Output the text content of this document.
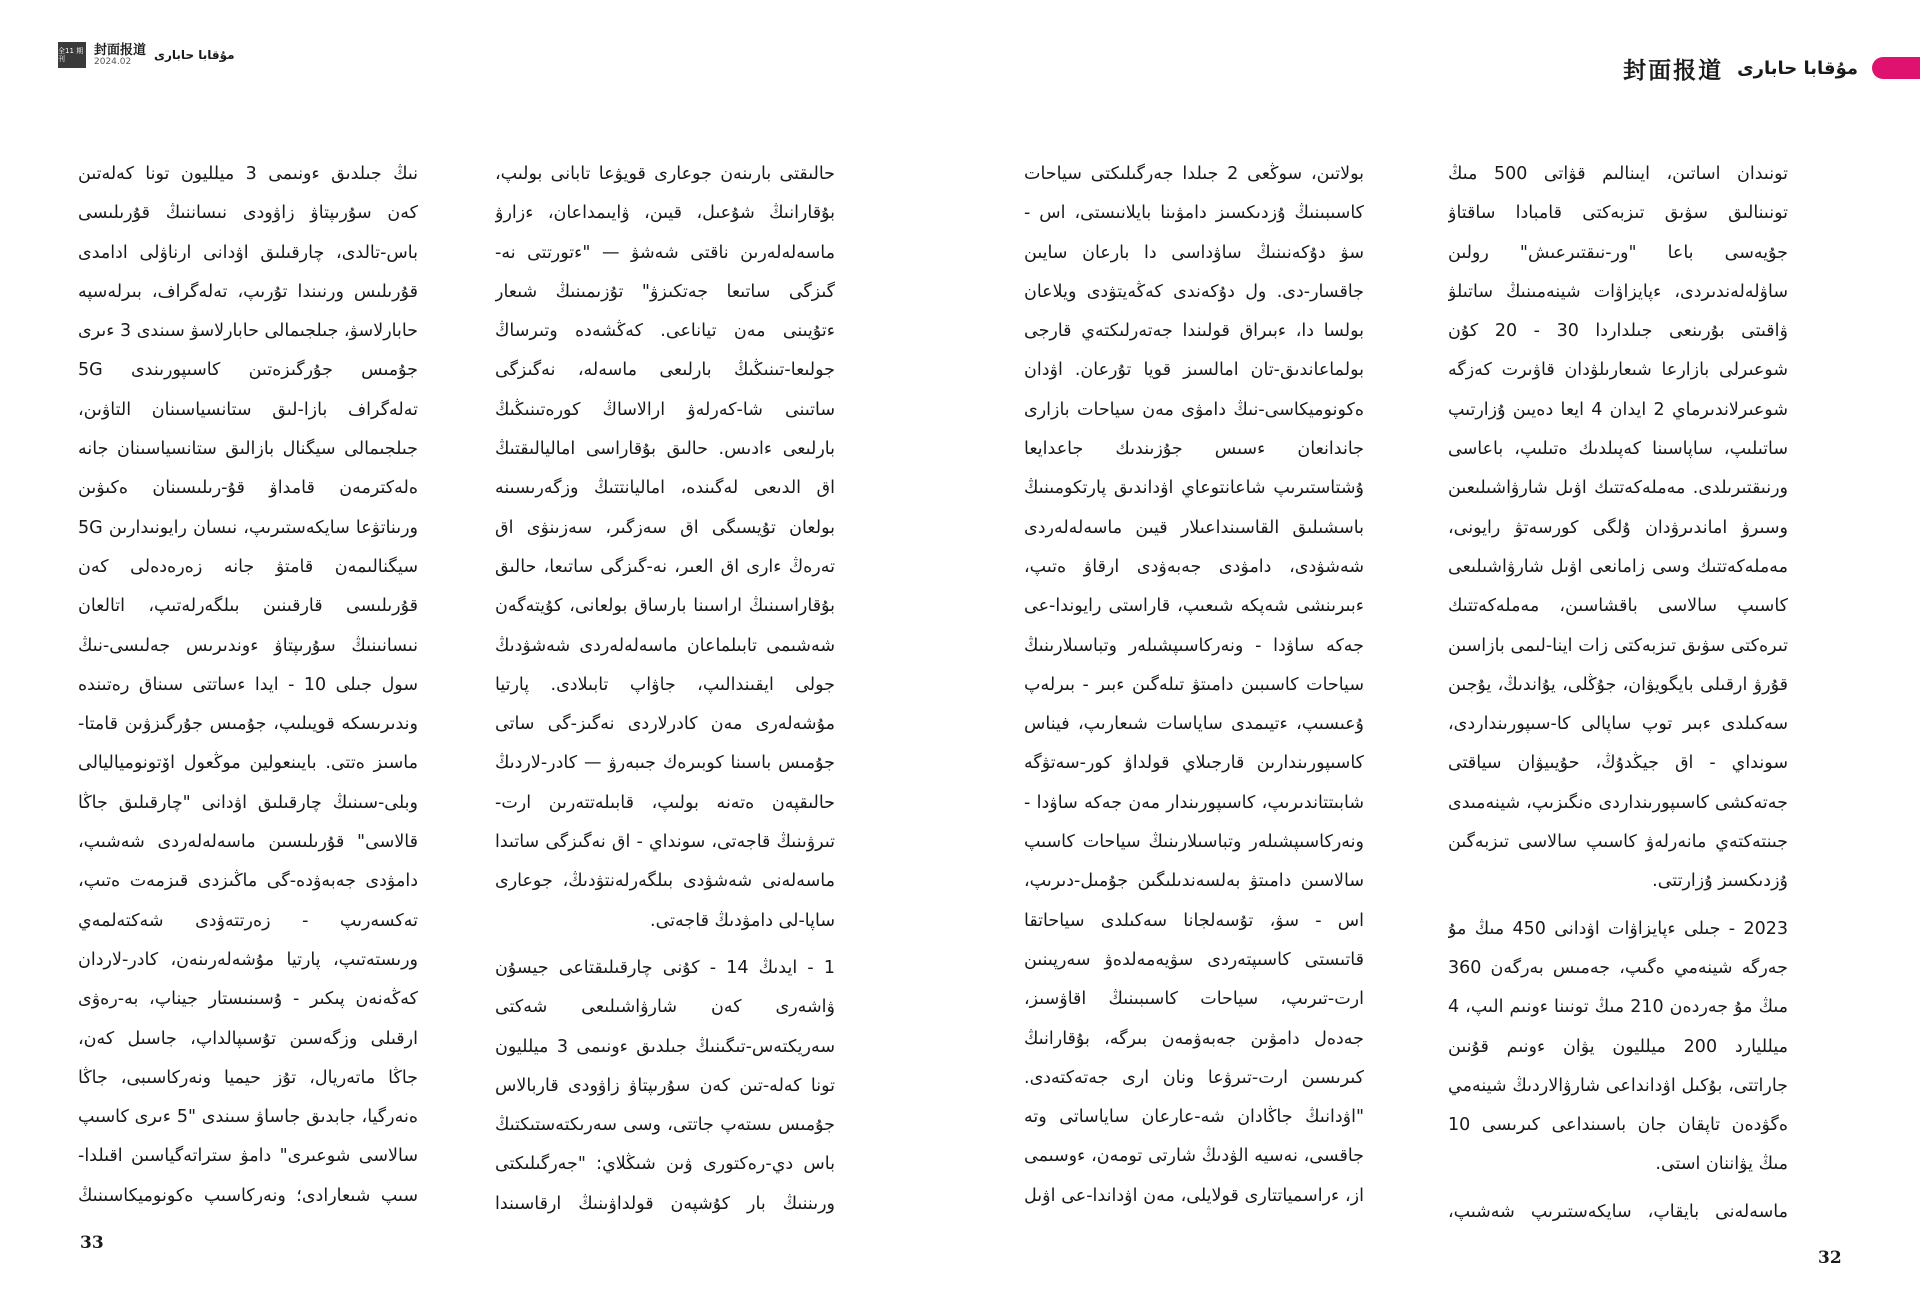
全11 期刊
封面报道
2024.02	مۇقابا حابارى
封面报道 مۇقابا حابارى

تونىدان اساتىن، ايىنالىم قۋاتى 500 مىڭ تونىنالىق سۋىق تىزبەكتى قامبادا ساقتاۋ جۇيەسى باعا "ور-نىقتىرعىش" رولىن ساۋلەلەندىردى، ءپايزاۋات شينەمىنىڭ ساتىلۋ ۋاقىتى بۇرىنعى جىلداردا 30 - 20 كۇن شوعىرلى بازارعا شىعارىلۋدان قاۋىرت كەزگە شوعىرلاندىرماي 2 ايدان 4 ايعا دەيىن ۇزارتىپ ساتىلىپ، ساپاسىنا كەپىلدىك ەتىلىپ، باعاسى ورنىقتىرىلدى. مەملەكەتتىك اۋىل شارۋاشىلىعىن وسىرۋ اماندىرۋدان ۇلگى كورسەتۋ رايونى، مەملەكەتتىك وسى زامانعى اۋىل شارۋاشىلىعى كاسىپ سالاسى باقشاسىن، مەملەكەتتىك تىرەكتى سۋىق تىزبەكتى زات اينا-لىمى بازاسىن قۇرۋ ارقىلى بايگويۋان، جۇڭلى، يۇاندىڭ، يۇجىن سەكىلدى ءبىر توپ ساپالى كا-سىپورىنداردى، سونداي - اق جيڭدۇڭ، حۇيىيۋان سياقتى جەتەكشى كاسىپورىنداردى ەنگىزىپ، شينەمىدى جىنتەكتەي مانەرلەۋ كاسىپ سالاسى تىزبەگىن ۇزدىكسىز ۇزارتتى.

2023 - جىلى ءپايزاۋات اۋدانى 450 مىڭ مۇ جەرگە شينەمي ەگىپ، جەمىس بەرگەن 360 مىڭ مۇ جەردەن 210 مىڭ تونىنا ءونىم الىپ، 4 ميلليارد 200 ميلليون يۋان ءونىم قۇنىن جاراتتى، بۇكىل اۋدانداعى شارۋالاردىڭ شينەمي ەگۋدەن تاپقان جان باسىنداعى كىرىسى 10 مىڭ يۋاننان استى.

ماسەلەنى بايقاپ، سايكەستىرىپ شەشىپ،

بولاتىن، سوڭعى 2 جىلدا جەرگىلىكتى سياحات كاسىبىنىڭ ۇزدىكسىز دامۋىنا بايلانىستى، اس - سۋ دۇكەنىنىڭ ساۋداسى دا بارعان سايىن جاقسار-دى. ول دۇكەندى كەڭەيتۋدى ويلاعان بولسا دا، ءبىراق قولىندا جەتەرلىكتەي قارجى بولماعاندىق-تان امالسىز قويا تۇرعان. اۋدان ەكونوميكاسى-نىڭ دامۋى مەن سياحات بازارى جاندانعان ءسىس جۇزىندىك جاعدايعا ۇشتاستىرىپ شاعانتوعاي اۋداندىق پارتكومىنىڭ باسشىلىق القاسىنداعىلار قيىن ماسەلەلەردى شەشۋدى، دامۋدى جەبەۋدى ارقاۋ ەتىپ، ءبىرىنشى شەپكە شىعىپ، قاراستى رايوندا-عى جەكە ساۋدا - ونەركاسىپشىلەر وتباسىلارىنىڭ سياحات كاسىبىن دامىتۋ تىلەگىن ءبىر - بىرلەپ ۇعىسىپ، ءتيىمدى ساياسات شىعارىپ، فيناس كاسىپورىندارىن قارجىلاي قولداۋ كور-سەتۋگە شابىتتاندىرىپ، كاسىپورىندار مەن جەكە ساۋدا - ونەركاسىپشىلەر وتباسىلارىنىڭ سياحات كاسىپ سالاسىن دامىتۋ بەلسەندىلىگىن جۇمىل-دىرىپ، اس - سۋ، تۇسەلجانا سەكىلدى سياحاتقا قاتىستى كاسىپتەردى سۋيەمەلدەۋ سەرپىنىن ارت-تىرىپ، سياحات كاسىبىنىڭ اقاۋسىز، جەدەل دامۋىن جەبەۋمەن بىرگە، بۇقارانىڭ كىرىسىن ارت-تىرۋعا ونان ارى جەتەكتەدى. "اۋدانىڭ جاڭادان شە-عارعان ساياساتى وتە جاقسى، نەسيە الۋدىڭ شارتى تومەن، ءوسىمى از، ءراسمياتتارى قولايلى، مەن اۋداندا-عى اۋىل

حالىقتى بارىنەن جوعارى قويۋعا تابانى بولىپ، بۇقارانىڭ شۇعىل، قيىن، ۋايىمداعان، ءزارۋ ماسەلەلەرىن ناقتى شەشۋ — "ءتورتتى نە-گىزگى ساتىعا جەتكىزۋ" تۇزىمىنىڭ شىعار ءتۇيىنى مەن تياناعى. كەڭشەدە وتىرساڭ جولىعا-تىنىڭىڭ بارلىعى ماسەلە، نەگىزگى ساتىنى شا-كەرلەۋ ارالاساڭ كورەتىنىڭىڭ بارلىعى ءادىس. حالىق بۇقاراسى اماليالىقتىڭ اق الدىعى لەگىندە، اماليانتتىڭ وزگەرىسىنە بولعان تۇيسىگى اق سەزگىر، سەزىنۋى اق تەرەڭ ءارى اق العىر، نە-گىزگى ساتىعا، حالىق بۇقاراسىنىڭ اراسىنا بارساق بولعانى، كۇيتەگەن شەشىمى تابىلماعان ماسەلەلەردى شەشۋدىڭ جولى ايقىندالىپ، جاۋاپ تابىلادى. پارتيا مۇشەلەرى مەن كادرلاردى نەگىز-گى ساتى جۇمىس باسىنا كوبىرەك جىبەرۋ — كادر-لاردىڭ حالىقپەن ەتەنە بولىپ، قابىلەتتەرىن ارت-تىرۋىنىڭ قاجەتى، سونداي - اق نەگىزگى ساتىدا ماسەلەنى شەشۋدى بىلگەرلەنتۋدىڭ، جوعارى ساپا-لى دامۋدىڭ قاجەتى.

1 - ايدىڭ 14 - كۇنى چارقىلىقتاعى جيسۇن ۋاشەرى كەن شارۋاشىلىعى شەكتى سەريكتەس-تىگىنىڭ جىلدىق ءونىمى 3 ميلليون تونا كەلە-تىن كەن سۇرىپتاۋ زاۋودى قاربالاس جۇمىس ىستەپ جاتتى، وسى سەرىكتەستىكتىڭ باس دي-رەكتورى ۋىن شىڭلاي: "جەرگىلىكتى ورىننىڭ بار كۇشپەن قولداۋىنىڭ ارقاسىندا

نىڭ جىلدىق ءونىمى 3 ميلليون تونا كەلەتىن كەن سۇرىپتاۋ زاۋودى نىساننىڭ قۇرىلىسى باس-تالدى، چارقىلىق اۋدانى ارناۋلى ادامدى قۇرىلىس ورنىندا تۇرىپ، تەلەگراف، بىرلەسپە حابارلاسۋ، جىلجىمالى حابارلاسۋ سىندى 3 ءىرى جۇمىس جۇرگىزەتىن كاسىپورىندى 5G تەلەگراف بازا-لىق ستانسياسىنان التاۋىن، جىلجىمالى سيگنال بازالىق ستانسياسىنان جانە ەلەكترمەن قامداۋ قۇ-رىلىسىنان ەكىۋىن ورىناتۋعا سايكەستىرىپ، نىسان رايونىدارىن 5G سيگنالىمەن قامتۋ جانە زەرەدەلى كەن قۇرىلىسى قارقىنىن بىلگەرلەتىپ، اتالعان نىسانىنىڭ سۇرىپتاۋ ءوندىرىس جەلىسى-نىڭ سول جىلى 10 - ايدا ءساتتى سىناق رەتىندە وندىرىسكە قويىلىپ، جۇمىس جۇرگىزۋىن قامتا-ماسىز ەتتى. بايىنعولين موڭعول اۆتونومياليالى وبلى-سىنىڭ چارقىلىق اۋدانى "چارقىلىق جاڭا قالاسى" قۇرىلىسىن ماسەلەلەردى شەشىپ، دامۋدى جەبەۋدە-گى ماڭىزدى قىزمەت ەتىپ، تەكسەرىپ - زەرتتەۋدى شەكتەلمەي ورىستەتىپ، پارتيا مۇشەلەرىنەن، كادر-لاردان كەڭەنەن پىكىر - ۇسىنىستار جيناپ، بە-رەۋى ارقىلى وزگەسىن تۇسىپالداپ، جاسىل كەن، جاڭا ماتەريال، تۇز حيميا ونەركاسىبى، جاڭا ەنەرگيا، جابدىق جاساۋ سىندى "5 ءىرى كاسىپ سالاسى شوعىرى" دامۋ ستراتەگياسىن اقىلدا-سىپ شىعارادى؛ ونەركاسىپ ەكونوميكاسىنىڭ

33
32
